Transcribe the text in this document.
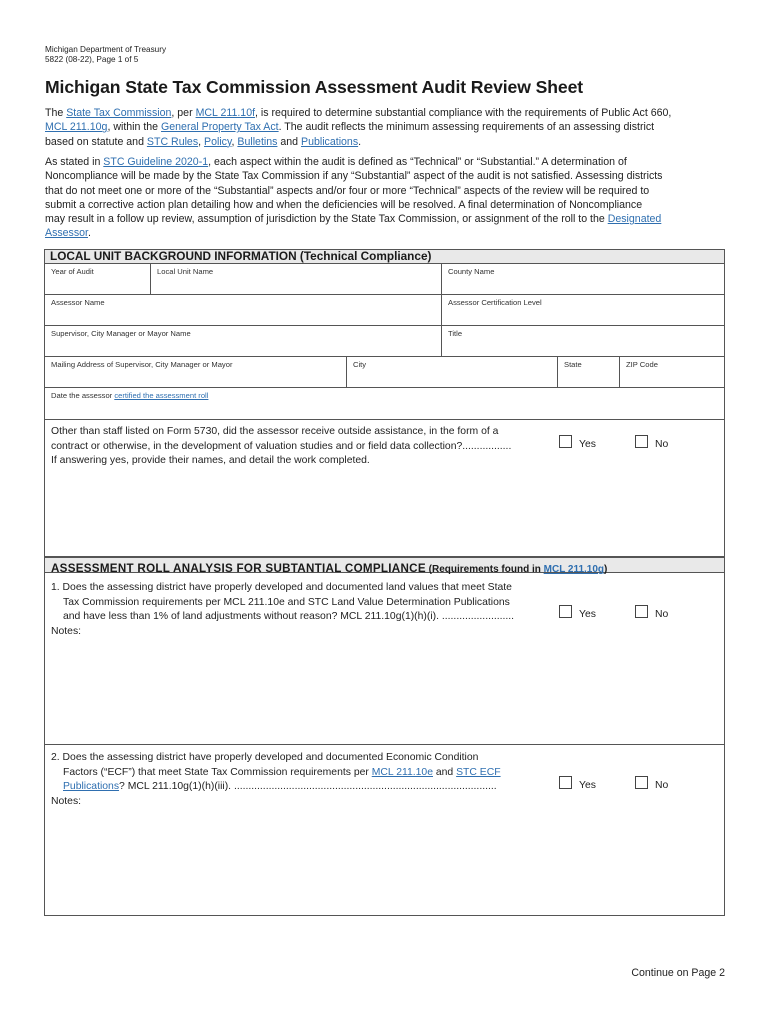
Michigan Department of Treasury
5822 (08-22), Page 1 of 5
Michigan State Tax Commission Assessment Audit Review Sheet

The State Tax Commission, per MCL 211.10f, is required to determine substantial compliance with the requirements of Public Act 660,

MCL 211.10g, within the General Property Tax Act. The audit reflects the minimum assessing requirements of an assessing district

based on statute and STC Rules, Policy, Bulletins and Publications.

As stated in STC Guideline 2020-1, each aspect within the audit is defined as “Technical” or “Substantial.” A determination of

Noncompliance will be made by the State Tax Commission if any “Substantial” aspect of the audit is not satisfied. Assessing districts

that do not meet one or more of the “Substantial” aspects and/or four or more “Technical” aspects of the review will be required to

submit a corrective action plan detailing how and when the deficiencies will be resolved. A final determination of Noncompliance

may result in a follow up review, assumption of jurisdiction by the State Tax Commission, or assignment of the roll to the Designated

Assessor.

LOCAL UNIT BACKGROUND INFORMATION (Technical Compliance)
Year of Audit	Local Unit Name	County Name
Assessor Name	Assessor Certification Level
Supervisor, City Manager or Mayor Name	Title
Mailing Address of Supervisor, City Manager or Mayor	City	State	ZIP Code
Date the assessor certified the assessment roll
Other than staff listed on Form 5730, did the assessor receive outside assistance, in the form of a
contract or otherwise, in the development of valuation studies and or field data collection?.................
If answering yes, provide their names, and detail the work completed.
Yes	No
ASSESSMENT ROLL ANALYSIS FOR SUBTANTIAL COMPLIANCE (Requirements found in MCL 211.10g)
1. Does the assessing district have properly developed and documented land values that meet State
Tax Commission requirements per MCL 211.10e and STC Land Value Determination Publications
and have less than 1% of land adjustments without reason? MCL 211.10g(1)(h)(i). .........................
Notes:
Yes	No
2. Does the assessing district have properly developed and documented Economic Condition
Factors (“ECF”) that meet State Tax Commission requirements per MCL 211.10e and STC ECF
Publications? MCL 211.10g(1)(h)(iii). ...........................................................................................
Notes:
Yes	No
Continue on Page 2
